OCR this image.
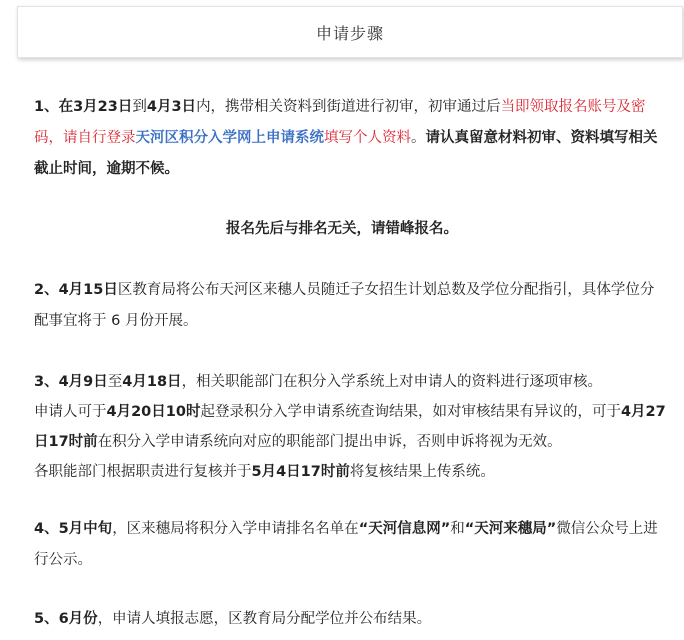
申请步骤
1、在3月23日到4月3日内，携带相关资料到街道进行初审，初审通过后当即领取报名账号及密码，请自行登录天河区积分入学网上申请系统填写个人资料。请认真留意材料初审、资料填写相关截止时间，逾期不候。
报名先后与排名无关，请错峰报名。
2、4月15日区教育局将公布天河区来穗人员随迁子女招生计划总数及学位分配指引，具体学位分配事宜将于 6 月份开展。
3、4月9日至4月18日，相关职能部门在积分入学系统上对申请人的资料进行逐项审核。
申请人可于4月20日10时起登录积分入学申请系统查询结果，如对审核结果有异议的，可于4月27日17时前在积分入学申请系统向对应的职能部门提出申诉，否则申诉将视为无效。
各职能部门根据职责进行复核并于5月4日17时前将复核结果上传系统。
4、5月中旬，区来穗局将积分入学申请排名名单在“天河信息网”和“天河来穗局”微信公众号上进行公示。
5、6月份，申请人填报志愿，区教育局分配学位并公布结果。
